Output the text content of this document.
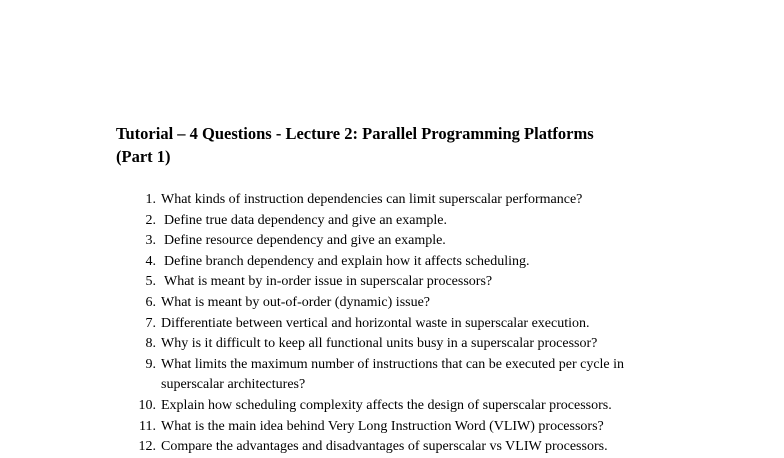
Tutorial – 4 Questions - Lecture 2: Parallel Programming Platforms
(Part 1)
1. What kinds of instruction dependencies can limit superscalar performance?
2. Define true data dependency and give an example.
3. Define resource dependency and give an example.
4. Define branch dependency and explain how it affects scheduling.
5. What is meant by in-order issue in superscalar processors?
6. What is meant by out-of-order (dynamic) issue?
7. Differentiate between vertical and horizontal waste in superscalar execution.
8. Why is it difficult to keep all functional units busy in a superscalar processor?
9. What limits the maximum number of instructions that can be executed per cycle in superscalar architectures?
10. Explain how scheduling complexity affects the design of superscalar processors.
11. What is the main idea behind Very Long Instruction Word (VLIW) processors?
12. Compare the advantages and disadvantages of superscalar vs VLIW processors.
